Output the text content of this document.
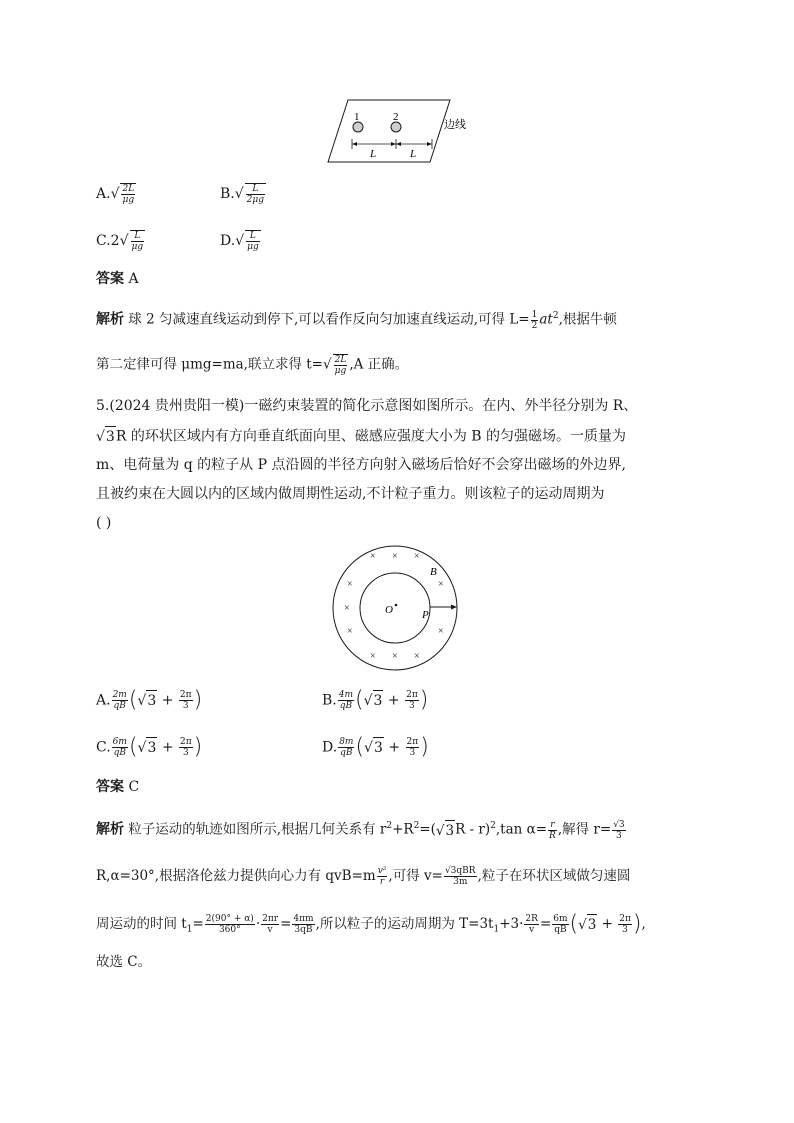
1	2
L	L
边线
$A.√ \frac{2L}{\mu g}$	$B.√ \frac{L}{2\mu g}$
$C.2√ \frac{L}{\mu g}$	$D.√ \frac{L}{\mu g}$
答案 A
解析 球 2 匀减速直线运动到停下,可以看作反向匀加速直线运动,可得 $L= \frac{1}{2} at^2$,根据牛顿
第二定律可得 μmg=ma,联立求得 $t=√ \frac{2L}{\mu g} ,A$ 正确。
5.(2024 贵州贵阳一模)一磁约束装置的简化示意图如图所示。在内、外半径分别为 R、
√3R 的环状区域内有方向垂直纸面向里、磁感应强度大小为 B 的匀强磁场。一质量为
m、电荷量为 q 的粒子从 P 点沿圆的半径方向射入磁场后恰好不会穿出磁场的外边界,
且被约束在大圆以内的区域内做周期性运动,不计粒子重力。则该粒子的运动周期为
( )
× × ×
×	×
×
×	×
× × ×
B
O	P
A. $\frac{2m}{qB} (√3 + \frac{2\pi}{3}$ )	B. $\frac{4m}{qB} (√3 + \frac{2\pi}{3}$ )
C. $\frac{6m}{qB} (√3 + \frac{2\pi}{3}$ )	D. $\frac{8m}{qB} (√3 + \frac{2\pi}{3}$ )
答案 C
解析 粒子运动的轨迹如图所示,根据几何关系有 $r^2+R^2=(√3R - r)^2,\tan$ $\alpha= \frac{r}{R}$ ,解得 $r= \frac{√3}{3}$
R,α=30°,根据洛伦兹力提供向心力有 $qvB=m \frac{\text{v²}}{r}$ ,可得 $v= \frac{\text{√3qBR}}{3m}$ ,粒子在环状区域做匀速圆
周运动的时间 $t_1= \frac{2(90^\circ + \alpha)}{360^\circ} \cdot \frac{2\pi r}{v} = \frac{4\pi m}{3qB}$ ,所以粒子的运动周期为 $T=3t_1+3\cdot \frac{2R}{v} = \frac{6m}{qB} (√3 + \frac{2\pi}{3}$ ),
故选 C。
